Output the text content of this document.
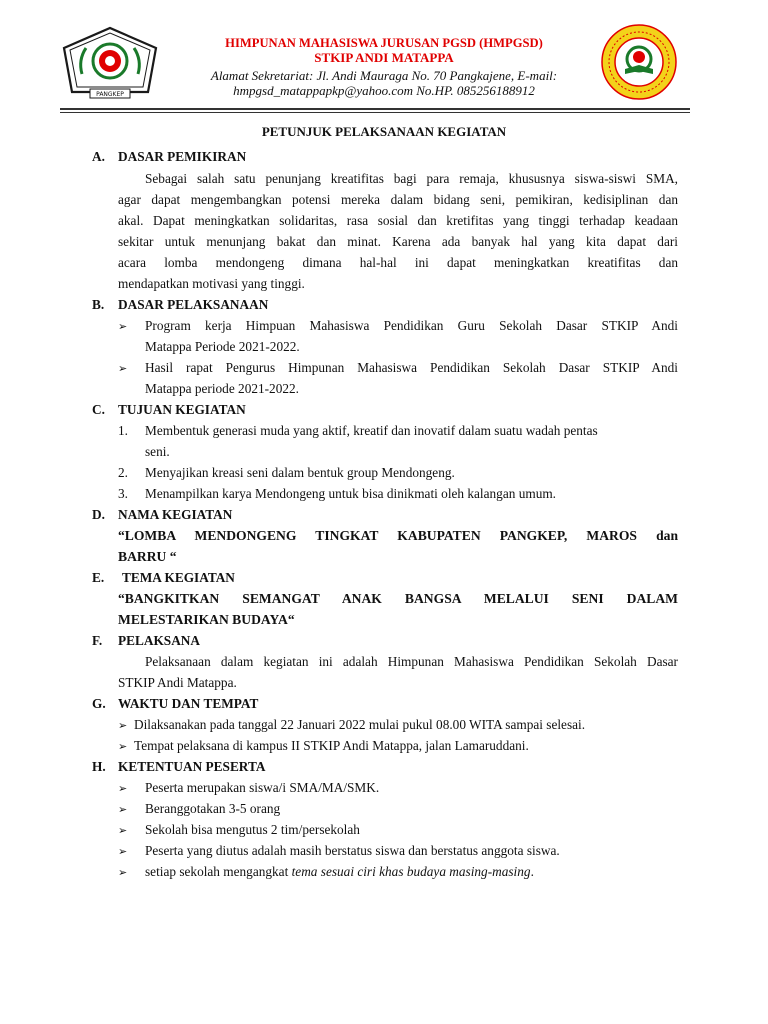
PANGKEP

HIMPUNAN MAHASISWA JURUSAN PGSD (HMPGSD)

STKIP ANDI MATAPPA

Alamat Sekretariat: Jl. Andi Mauraga No. 70 Pangkajene, E-mail:

hmpgsd_matappapkp@yahoo.com No.HP. 085256188912

PETUNJUK PELAKSANAAN KEGIATAN

A. DASAR PEMIKIRAN

Sebagai salah satu penunjang kreatifitas bagi para remaja, khususnya siswa-siswi SMA,

agar dapat mengembangkan potensi mereka dalam bidang seni, pemikiran, kedisiplinan dan

akal. Dapat meningkatkan solidaritas, rasa sosial dan kretifitas yang tinggi terhadap keadaan

sekitar untuk menunjang bakat dan minat. Karena ada banyak hal yang kita dapat dari

acara lomba mendongeng dimana hal-hal ini dapat meningkatkan kreatifitas dan

mendapatkan motivasi yang tinggi.

B. DASAR PELAKSANAAN

➢ Program kerja Himpuan Mahasiswa Pendidikan Guru Sekolah Dasar STKIP Andi

Matappa Periode 2021-2022.

➢ Hasil rapat Pengurus Himpunan Mahasiswa Pendidikan Sekolah Dasar STKIP Andi

Matappa periode 2021-2022.

C. TUJUAN KEGIATAN

1. Membentuk generasi muda yang aktif, kreatif dan inovatif dalam suatu wadah pentas

seni.

2. Menyajikan kreasi seni dalam bentuk group Mendongeng.

3. Menampilkan karya Mendongeng untuk bisa dinikmati oleh kalangan umum.

D. NAMA KEGIATAN

“LOMBA MENDONGENG TINGKAT KABUPATEN PANGKEP, MAROS dan

BARRU “

E. TEMA KEGIATAN

“BANGKITKAN SEMANGAT ANAK BANGSA MELALUI SENI DALAM

MELESTARIKAN BUDAYA“

F. PELAKSANA

Pelaksanaan dalam kegiatan ini adalah Himpunan Mahasiswa Pendidikan Sekolah Dasar

STKIP Andi Matappa.

G. WAKTU DAN TEMPAT

➢ Dilaksanakan pada tanggal 22 Januari 2022 mulai pukul 08.00 WITA sampai selesai.

➢ Tempat pelaksana di kampus II STKIP Andi Matappa, jalan Lamaruddani.

H. KETENTUAN PESERTA

➢ Peserta merupakan siswa/i SMA/MA/SMK.

➢ Beranggotakan 3-5 orang

➢ Sekolah bisa mengutus 2 tim/persekolah

➢ Peserta yang diutus adalah masih berstatus siswa dan berstatus anggota siswa.

➢ setiap sekolah mengangkat tema sesuai ciri khas budaya masing-masing.
